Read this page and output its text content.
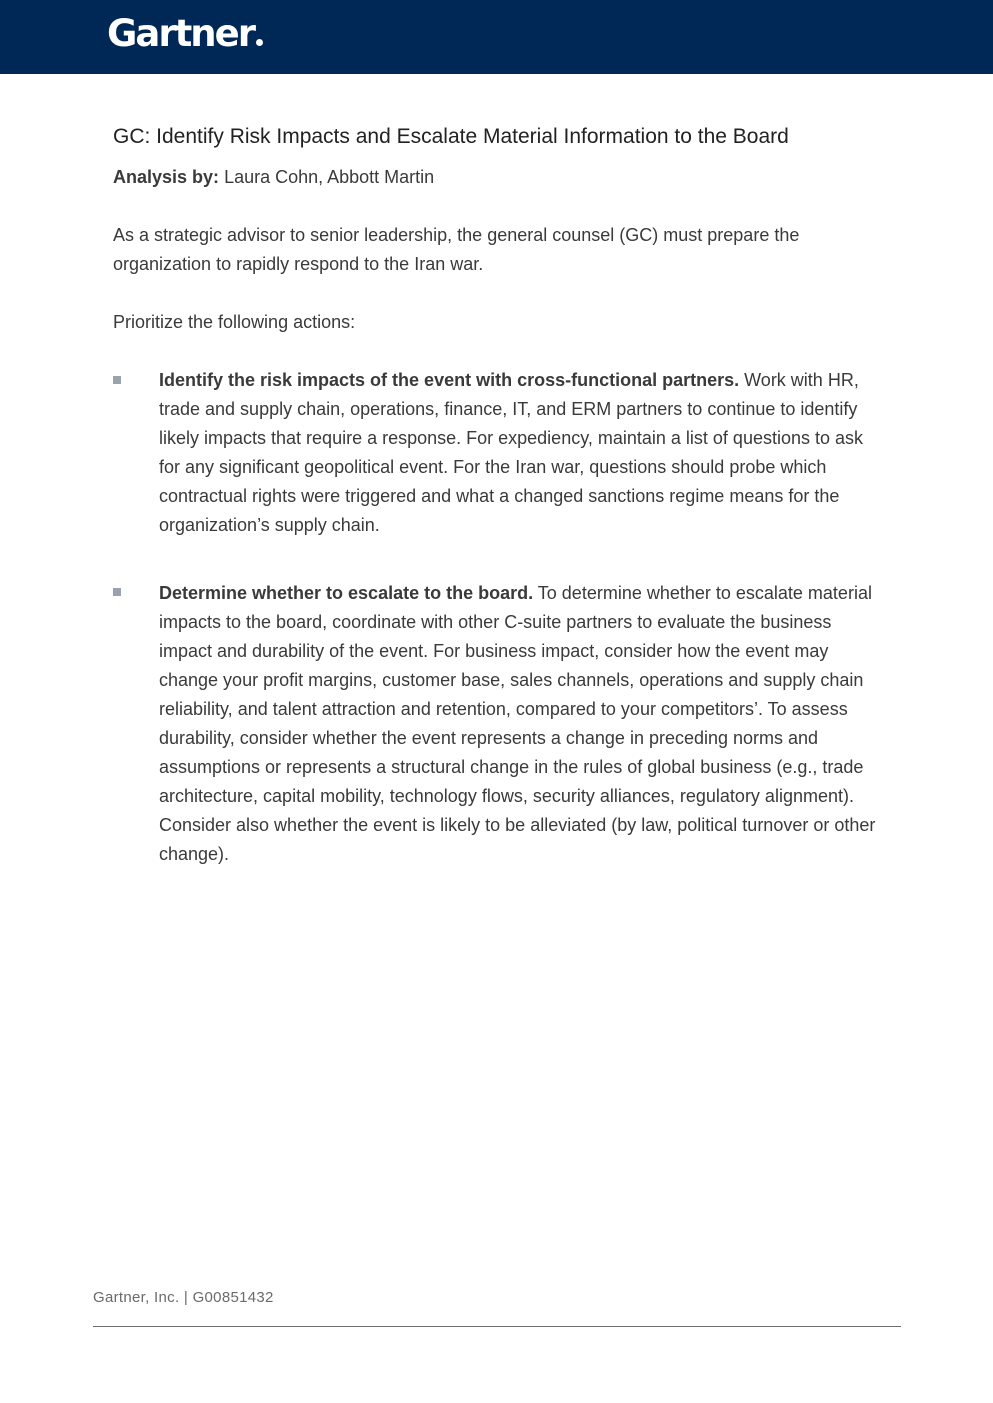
Gartner
GC: Identify Risk Impacts and Escalate Material Information to the Board
Analysis by: Laura Cohn, Abbott Martin

As a strategic advisor to senior leadership, the general counsel (GC) must prepare the organization to rapidly respond to the Iran war.

Prioritize the following actions:

Identify the risk impacts of the event with cross-functional partners. Work with HR, trade and supply chain, operations, finance, IT, and ERM partners to continue to identify likely impacts that require a response. For expediency, maintain a list of questions to ask for any significant geopolitical event. For the Iran war, questions should probe which contractual rights were triggered and what a changed sanctions regime means for the organization’s supply chain.

Determine whether to escalate to the board. To determine whether to escalate material impacts to the board, coordinate with other C-suite partners to evaluate the business impact and durability of the event. For business impact, consider how the event may change your profit margins, customer base, sales channels, operations and supply chain reliability, and talent attraction and retention, compared to your competitors’. To assess durability, consider whether the event represents a change in preceding norms and assumptions or represents a structural change in the rules of global business (e.g., trade architecture, capital mobility, technology flows, security alliances, regulatory alignment). Consider also whether the event is likely to be alleviated (by law, political turnover or other change).

Gartner, Inc. | G00851432
